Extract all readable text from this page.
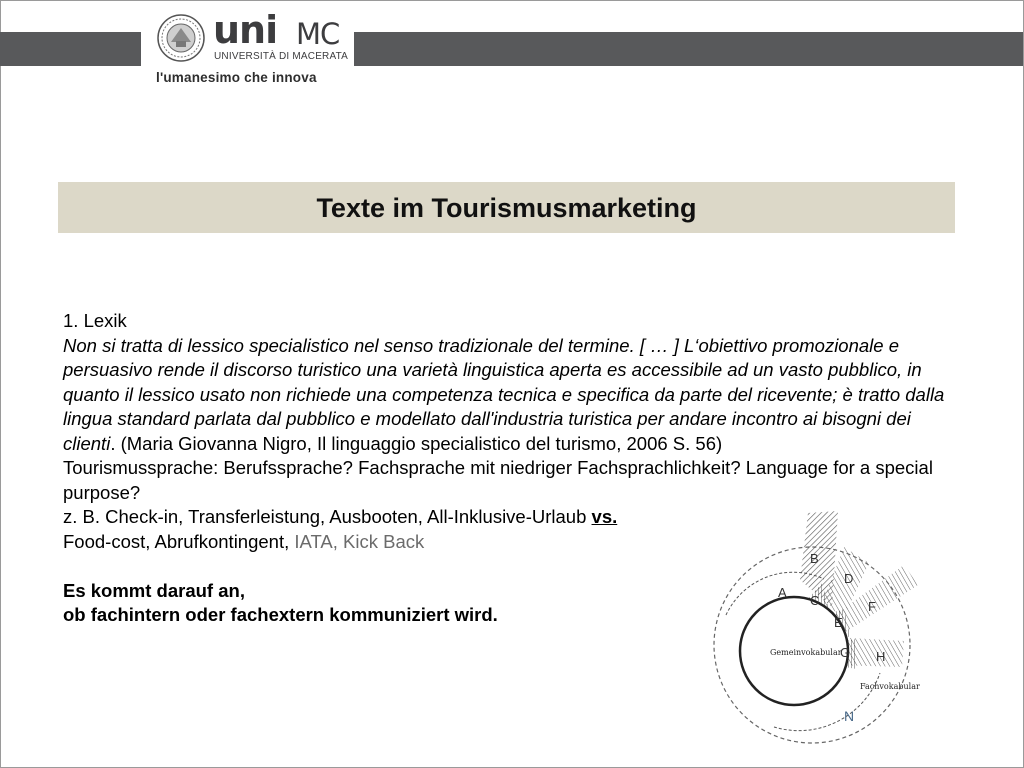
uni MC
UNIVERSITÀ DI MACERATA
l'umanesimo che innova
Texte im Tourismusmarketing

1. Lexik

Non si tratta di lessico specialistico nel senso tradizionale del termine. [ … ] L‘obiettivo promozionale e persuasivo rende il discorso turistico una varietà linguistica aperta es accessibile ad un vasto pubblico, in quanto il lessico usato non richiede una competenza tecnica e specifica da parte del ricevente; è tratto dalla lingua standard parlata dal pubblico e modellato dall'industria turistica per andare incontro ai bisogni dei clienti. (Maria Giovanna Nigro, Il linguaggio specialistico del turismo, 2006 S. 56)

Tourismussprache: Berufssprache? Fachsprache mit niedriger Fachsprachlichkeit? Language for a special purpose?

z. B. Check-in, Transferleistung, Ausbooten, All-Inklusive-Urlaub vs.

Food-cost, Abrufkontingent, IATA, Kick Back

Es kommt darauf an,

ob fachintern oder fachextern kommuniziert wird.

Gemeinvokabular
Fachvokabular
A
B
C
D
E
F
G H
N
